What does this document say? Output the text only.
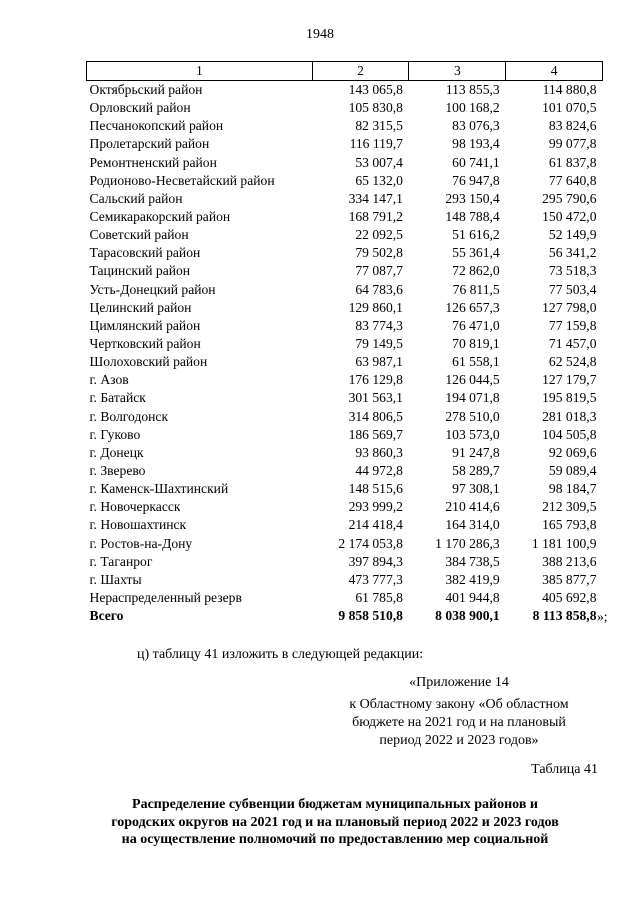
1948
1	2	3	4
Октябрьский район	143 065,8	113 855,3	114 880,8
Орловский район	105 830,8	100 168,2	101 070,5
Песчанокопский район	82 315,5	83 076,3	83 824,6
Пролетарский район	116 119,7	98 193,4	99 077,8
Ремонтненский район	53 007,4	60 741,1	61 837,8
Родионово-Несветайский район	65 132,0	76 947,8	77 640,8
Сальский район	334 147,1	293 150,4	295 790,6
Семикаракорский район	168 791,2	148 788,4	150 472,0
Советский район	22 092,5	51 616,2	52 149,9
Тарасовский район	79 502,8	55 361,4	56 341,2
Тацинский район	77 087,7	72 862,0	73 518,3
Усть-Донецкий район	64 783,6	76 811,5	77 503,4
Целинский район	129 860,1	126 657,3	127 798,0
Цимлянский район	83 774,3	76 471,0	77 159,8
Чертковский район	79 149,5	70 819,1	71 457,0
Шолоховский район	63 987,1	61 558,1	62 524,8
г. Азов	176 129,8	126 044,5	127 179,7
г. Батайск	301 563,1	194 071,8	195 819,5
г. Волгодонск	314 806,5	278 510,0	281 018,3
г. Гуково	186 569,7	103 573,0	104 505,8
г. Донецк	93 860,3	91 247,8	92 069,6
г. Зверево	44 972,8	58 289,7	59 089,4
г. Каменск-Шахтинский	148 515,6	97 308,1	98 184,7
г. Новочеркасск	293 999,2	210 414,6	212 309,5
г. Новошахтинск	214 418,4	164 314,0	165 793,8
г. Ростов-на-Дону	2 174 053,8	1 170 286,3	1 181 100,9
г. Таганрог	397 894,3	384 738,5	388 213,6
г. Шахты	473 777,3	382 419,9	385 877,7
Нераспределенный резерв	61 785,8	401 944,8	405 692,8
Всего	9 858 510,8	8 038 900,1	8 113 858,8 »;
ц) таблицу 41 изложить в следующей редакции:
«Приложение 14
к Областному закону «Об областном
бюджете на 2021 год и на плановый
период 2022 и 2023 годов»
Таблица 41
Распределение субвенции бюджетам муниципальных районов и
городских округов на 2021 год и на плановый период 2022 и 2023 годов
на осуществление полномочий по предоставлению мер социальной
